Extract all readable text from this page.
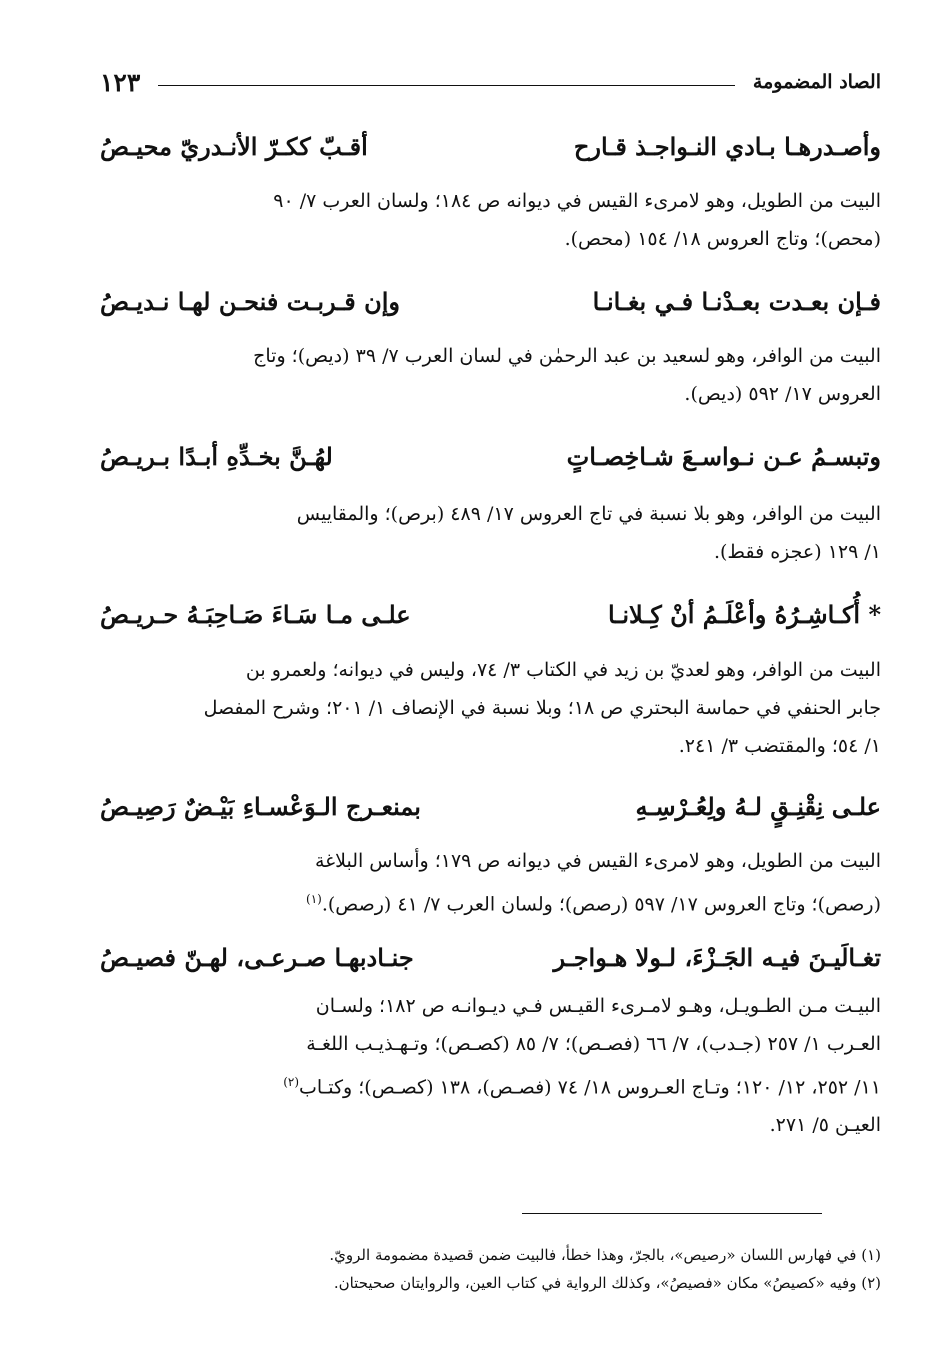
الصاد المضمومة
١٢٣
وأصـدرهـا بـادي النـواجـذ قـارح
أقـبّ ككـرّ الأنـدريّ محيـصُ

البيت من الطويل، وهو لامرىء القيس في ديوانه ص ١٨٤؛ ولسان العرب ٧/ ٩٠

(محص)؛ وتاج العروس ١٨/ ١٥٤ (محص).

فـإن بعـدت بعـدْنـا فـي بغـانـا
وإن قـربـت فنحـن لهـا نـديـصُ

البيت من الوافر، وهو لسعيد بن عبد الرحمٰن في لسان العرب ٧/ ٣٩ (ديص)؛ وتاج

العروس ١٧/ ٥٩٢ (ديص).

وتبسـمُ عـن نـواسـعَ شـاخِصـاتٍ
لهُـنَّ بخـدِّهِ أبـدًا بـريـصُ

البيت من الوافر، وهو بلا نسبة في تاج العروس ١٧/ ٤٨٩ (برص)؛ والمقاييس

١/ ١٢٩ (عجزه فقط).

* أُكـاشِـرُهُ وأعْلَـمُ أنْ كِـلانـا
علـى مـا سَـاءَ صَـاحِبَـهُ حـريـصُ

البيت من الوافر، وهو لعديّ بن زيد في الكتاب ٣/ ٧٤، وليس في ديوانه؛ ولعمرو بن

جابر الحنفي في حماسة البحتري ص ١٨؛ وبلا نسبة في الإنصاف ١/ ٢٠١؛ وشرح المفصل

١/ ٥٤؛ والمقتضب ٣/ ٢٤١.

علـى نِقْنِـقٍ لـهُ ولِعُـرْسِـهِ
بمنعـرج الـوَعْسـاءِ بَيْـضٌ رَصِيـصُ

البيت من الطويل، وهو لامرىء القيس في ديوانه ص ١٧٩؛ وأساس البلاغة

(رصص)؛ وتاج العروس ١٧/ ٥٩٧ (رصص)؛ ولسان العرب ٧/ ٤١ (رصص).$^{(١)}$

تغـالَيـنَ فيـه الجَـزْءَ، لـولا هـواجـر
جنـادبهـا صـرعـى، لهـنّ فصيـصُ

البيـت مـن الطـويـل، وهـو لامـرىء القيـس فـي ديـوانـه ص ١٨٢؛ ولسـان

العـرب ١/ ٢٥٧ (جـدب)، ٧/ ٦٦ (فصـص)؛ ٧/ ٨٥ (كصـص)؛ وتـهـذيـب اللغـة

١١/ ٢٥٢، ١٢/ ١٢٠؛ وتـاج العـروس ١٨/ ٧٤ (فصـص)، ١٣٨ (كصـص)؛ وكتـاب$^{(٢)}$

العيـن ٥/ ٢٧١.

(١) في فهارس اللسان «رصيص»، بالجرّ، وهذا خطأ، فالبيت ضمن قصيدة مضمومة الرويّ.
(٢) وفيه «كصيصُ» مكان «فصيصُ»، وكذلك الرواية في كتاب العين، والروايتان صحيحتان.
